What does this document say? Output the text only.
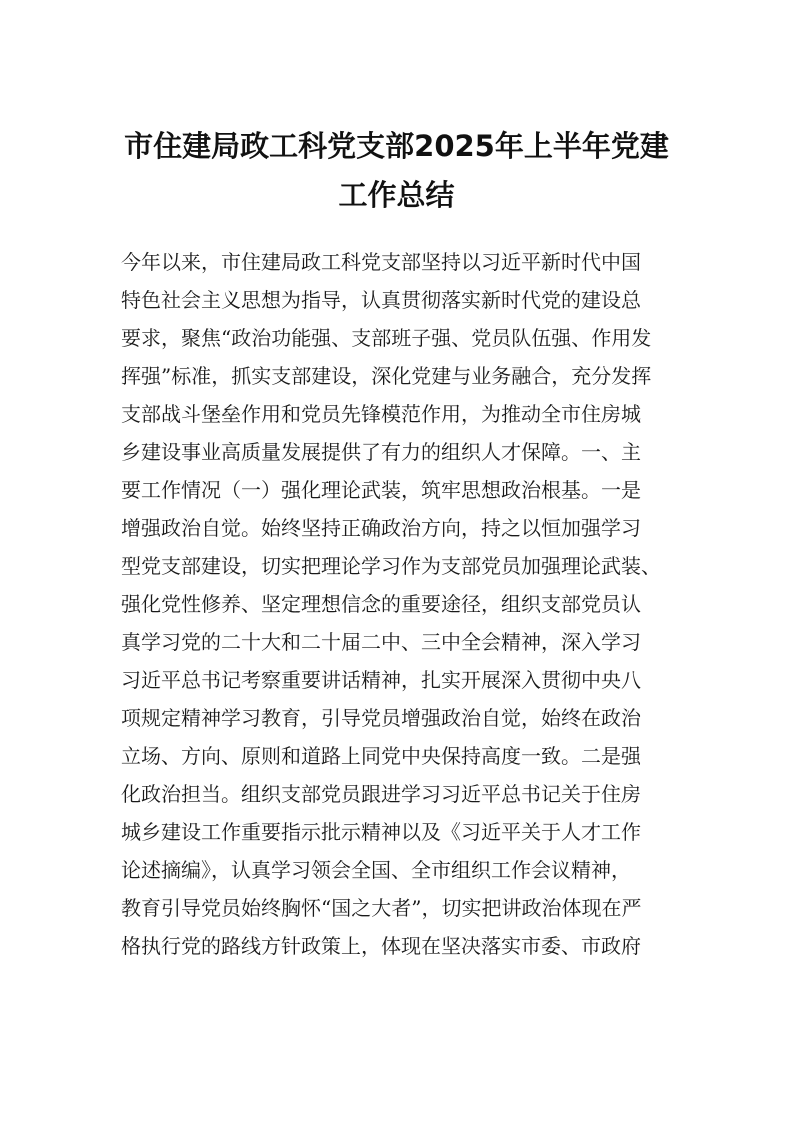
市住建局政工科党支部2025年上半年党建
工作总结
今年以来，市住建局政工科党支部坚持以习近平新时代中国
特色社会主义思想为指导，认真贯彻落实新时代党的建设总
要求，聚焦“政治功能强、支部班子强、党员队伍强、作用发
挥强”标准，抓实支部建设，深化党建与业务融合，充分发挥
支部战斗堡垒作用和党员先锋模范作用，为推动全市住房城
乡建设事业高质量发展提供了有力的组织人才保障。一、主
要工作情况（一）强化理论武装，筑牢思想政治根基。一是
增强政治自觉。始终坚持正确政治方向，持之以恒加强学习
型党支部建设，切实把理论学习作为支部党员加强理论武装、
强化党性修养、坚定理想信念的重要途径，组织支部党员认
真学习党的二十大和二十届二中、三中全会精神，深入学习
习近平总书记考察重要讲话精神，扎实开展深入贯彻中央八
项规定精神学习教育，引导党员增强政治自觉，始终在政治
立场、方向、原则和道路上同党中央保持高度一致。二是强
化政治担当。组织支部党员跟进学习习近平总书记关于住房
城乡建设工作重要指示批示精神以及《习近平关于人才工作
论述摘编》，认真学习领会全国、全市组织工作会议精神，
教育引导党员始终胸怀“国之大者”，切实把讲政治体现在严
格执行党的路线方针政策上，体现在坚决落实市委、市政府
